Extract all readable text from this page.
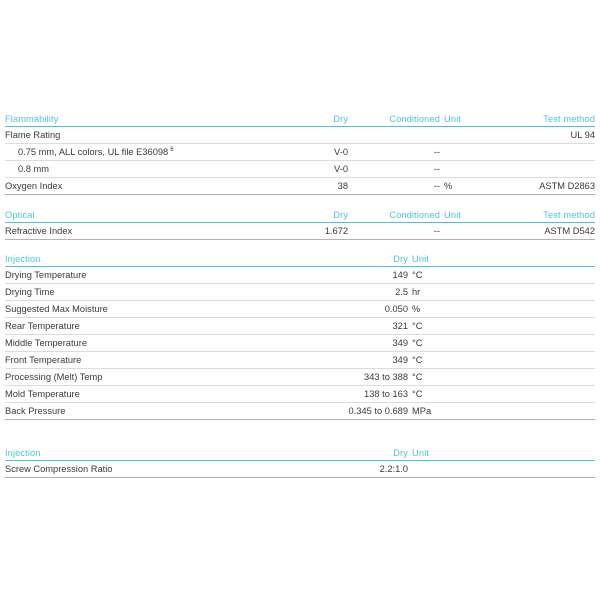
Flammability	Dry	Conditioned	Unit	Test method
Flame Rating				UL 94
0.75 mm, ALL colors, UL file E36098 $^6$	V-0	--		
0.8 mm	V-0	--		
Oxygen Index	38	--	%	ASTM D2863
Optical	Dry	Conditioned	Unit	Test method
Refractive Index	1.672	--		ASTM D542
Injection	Dry	Unit
Drying Temperature	149	°C
Drying Time	2.5	hr
Suggested Max Moisture	0.050	%
Rear Temperature	321	°C
Middle Temperature	349	°C
Front Temperature	349	°C
Processing (Melt) Temp	343 to 388	°C
Mold Temperature	138 to 163	°C
Back Pressure	0.345 to 0.689	MPa
Injection	Dry	Unit
Screw Compression Ratio	2.2:1.0	
